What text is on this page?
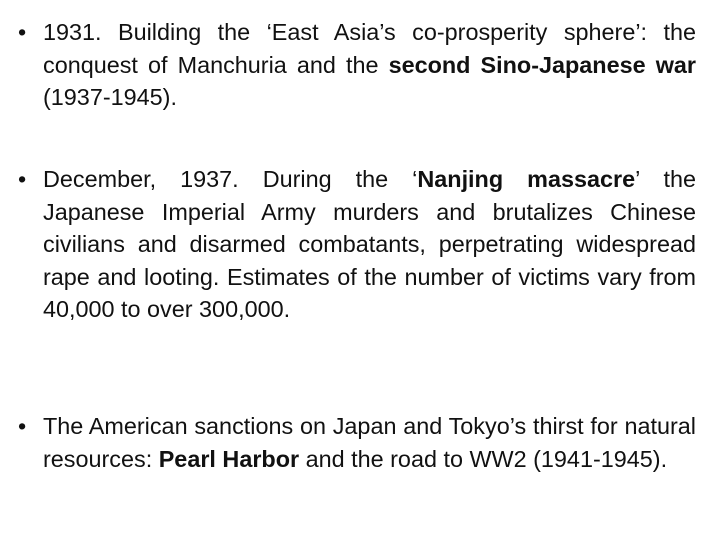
• 1931. Building the ‘East Asia’s co-prosperity sphere’: the conquest of Manchuria and the second Sino-Japanese war (1937-1945).
• December, 1937. During the ‘Nanjing massacre’ the Japanese Imperial Army murders and brutalizes Chinese civilians and disarmed combatants, perpetrating widespread rape and looting. Estimates of the number of victims vary from 40,000 to over 300,000.
• The American sanctions on Japan and Tokyo’s thirst for natural resources: Pearl Harbor and the road to WW2 (1941-1945).
